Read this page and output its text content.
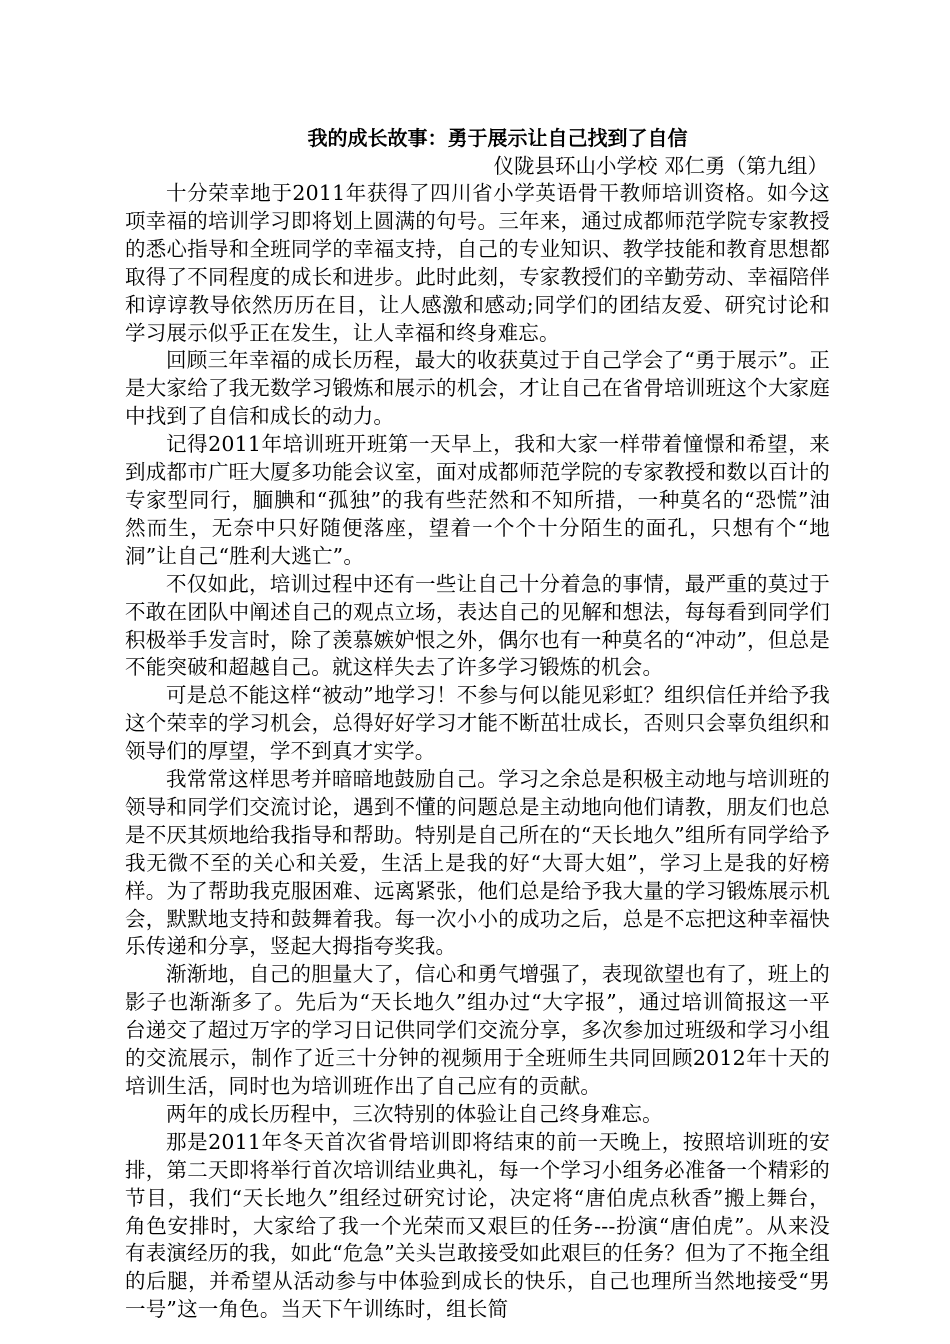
我的成长故事：勇于展示让自己找到了自信

仪陇县环山小学校 邓仁勇（第九组）

十分荣幸地于2011年获得了四川省小学英语骨干教师培训资格。如今这项幸福的培训学习即将划上圆满的句号。三年来，通过成都师范学院专家教授的悉心指导和全班同学的幸福支持，自己的专业知识、教学技能和教育思想都取得了不同程度的成长和进步。此时此刻，专家教授们的辛勤劳动、幸福陪伴和谆谆教导依然历历在目，让人感激和感动;同学们的团结友爱、研究讨论和学习展示似乎正在发生，让人幸福和终身难忘。

回顾三年幸福的成长历程，最大的收获莫过于自己学会了“勇于展示”。正是大家给了我无数学习锻炼和展示的机会，才让自己在省骨培训班这个大家庭中找到了自信和成长的动力。

记得2011年培训班开班第一天早上，我和大家一样带着憧憬和希望，来到成都市广旺大厦多功能会议室，面对成都师范学院的专家教授和数以百计的专家型同行，腼腆和“孤独”的我有些茫然和不知所措，一种莫名的“恐慌”油然而生，无奈中只好随便落座，望着一个个十分陌生的面孔，只想有个“地洞”让自己“胜利大逃亡”。

不仅如此，培训过程中还有一些让自己十分着急的事情，最严重的莫过于不敢在团队中阐述自己的观点立场，表达自己的见解和想法，每每看到同学们积极举手发言时，除了羡慕嫉妒恨之外，偶尔也有一种莫名的“冲动”，但总是不能突破和超越自己。就这样失去了许多学习锻炼的机会。

可是总不能这样“被动”地学习！不参与何以能见彩虹？组织信任并给予我这个荣幸的学习机会，总得好好学习才能不断茁壮成长，否则只会辜负组织和领导们的厚望，学不到真才实学。

我常常这样思考并暗暗地鼓励自己。学习之余总是积极主动地与培训班的领导和同学们交流讨论，遇到不懂的问题总是主动地向他们请教，朋友们也总是不厌其烦地给我指导和帮助。特别是自己所在的“天长地久”组所有同学给予我无微不至的关心和关爱，生活上是我的好“大哥大姐”，学习上是我的好榜样。为了帮助我克服困难、远离紧张，他们总是给予我大量的学习锻炼展示机会，默默地支持和鼓舞着我。每一次小小的成功之后，总是不忘把这种幸福快乐传递和分享，竖起大拇指夸奖我。

渐渐地，自己的胆量大了，信心和勇气增强了，表现欲望也有了，班上的影子也渐渐多了。先后为“天长地久”组办过“大字报”，通过培训简报这一平台递交了超过万字的学习日记供同学们交流分享，多次参加过班级和学习小组的交流展示，制作了近三十分钟的视频用于全班师生共同回顾2012年十天的培训生活，同时也为培训班作出了自己应有的贡献。

两年的成长历程中，三次特别的体验让自己终身难忘。

那是2011年冬天首次省骨培训即将结束的前一天晚上，按照培训班的安排，第二天即将举行首次培训结业典礼，每一个学习小组务必准备一个精彩的节目，我们“天长地久”组经过研究讨论，决定将“唐伯虎点秋香”搬上舞台，角色安排时，大家给了我一个光荣而又艰巨的任务---扮演“唐伯虎”。从来没有表演经历的我，如此“危急”关头岂敢接受如此艰巨的任务？但为了不拖全组的后腿，并希望从活动参与中体验到成长的快乐，自己也理所当然地接受“男一号”这一角色。当天下午训练时，组长简
